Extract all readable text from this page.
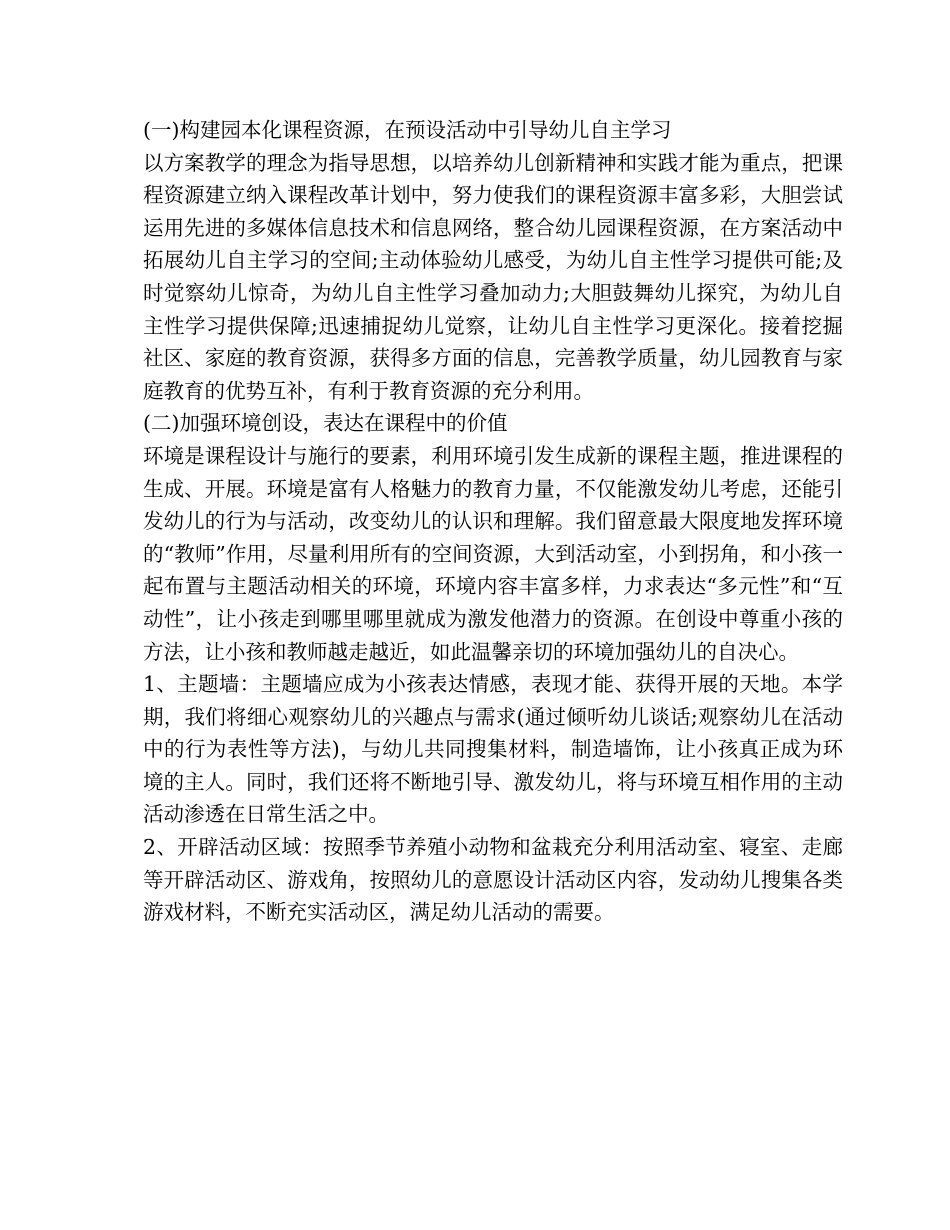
(一)构建园本化课程资源，在预设活动中引导幼儿自主学习

以方案教学的理念为指导思想，以培养幼儿创新精神和实践才能为重点，把课程资源建立纳入课程改革计划中，努力使我们的课程资源丰富多彩，大胆尝试运用先进的多媒体信息技术和信息网络，整合幼儿园课程资源，在方案活动中拓展幼儿自主学习的空间;主动体验幼儿感受，为幼儿自主性学习提供可能;及时觉察幼儿惊奇，为幼儿自主性学习叠加动力;大胆鼓舞幼儿探究，为幼儿自主性学习提供保障;迅速捕捉幼儿觉察，让幼儿自主性学习更深化。接着挖掘社区、家庭的教育资源，获得多方面的信息，完善教学质量，幼儿园教育与家庭教育的优势互补，有利于教育资源的充分利用。

(二)加强环境创设，表达在课程中的价值

环境是课程设计与施行的要素，利用环境引发生成新的课程主题，推进课程的生成、开展。环境是富有人格魅力的教育力量，不仅能激发幼儿考虑，还能引发幼儿的行为与活动，改变幼儿的认识和理解。我们留意最大限度地发挥环境的“教师”作用，尽量利用所有的空间资源，大到活动室，小到拐角，和小孩一起布置与主题活动相关的环境，环境内容丰富多样，力求表达“多元性”和“互动性”，让小孩走到哪里哪里就成为激发他潜力的资源。在创设中尊重小孩的方法，让小孩和教师越走越近，如此温馨亲切的环境加强幼儿的自决心。

1、主题墙：主题墙应成为小孩表达情感，表现才能、获得开展的天地。本学期，我们将细心观察幼儿的兴趣点与需求(通过倾听幼儿谈话;观察幼儿在活动中的行为表性等方法)，与幼儿共同搜集材料，制造墙饰，让小孩真正成为环境的主人。同时，我们还将不断地引导、激发幼儿，将与环境互相作用的主动活动渗透在日常生活之中。

2、开辟活动区域：按照季节养殖小动物和盆栽充分利用活动室、寝室、走廊等开辟活动区、游戏角，按照幼儿的意愿设计活动区内容，发动幼儿搜集各类游戏材料，不断充实活动区，满足幼儿活动的需要。
